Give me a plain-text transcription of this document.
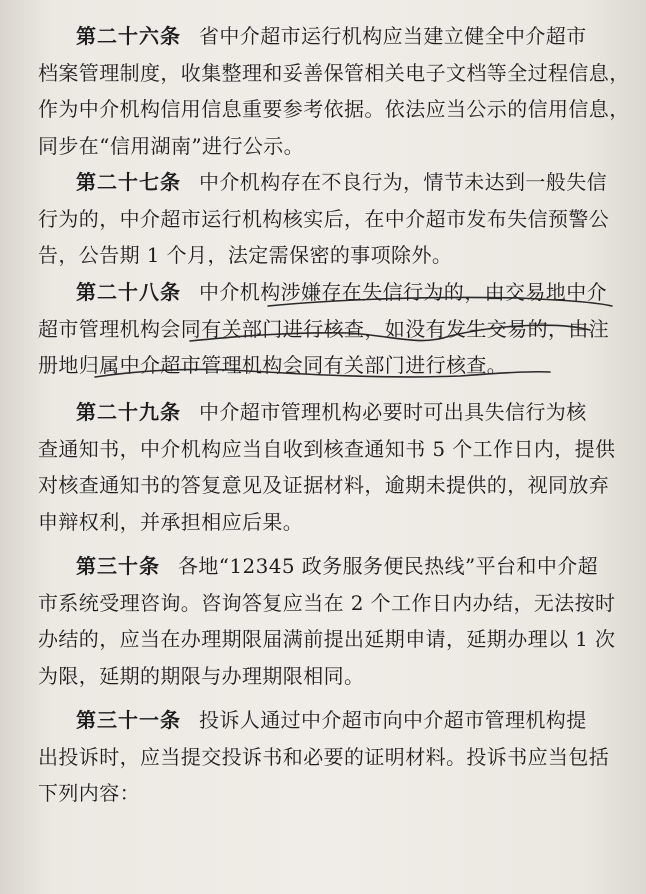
第二十六条 省中介超市运行机构应当建立健全中介超市
档案管理制度，收集整理和妥善保管相关电子文档等全过程信息，
作为中介机构信用信息重要参考依据。依法应当公示的信用信息，
同步在“信用湖南”进行公示。
第二十七条 中介机构存在不良行为，情节未达到一般失信
行为的，中介超市运行机构核实后，在中介超市发布失信预警公
告，公告期 1 个月，法定需保密的事项除外。
第二十八条 中介机构涉嫌存在失信行为的，由交易地中介
超市管理机构会同有关部门进行核查，如没有发生交易的，由注
册地归属中介超市管理机构会同有关部门进行核查。
第二十九条 中介超市管理机构必要时可出具失信行为核
查通知书，中介机构应当自收到核查通知书 5 个工作日内，提供
对核查通知书的答复意见及证据材料，逾期未提供的，视同放弃
申辩权利，并承担相应后果。
第三十条 各地“12345 政务服务便民热线”平台和中介超
市系统受理咨询。咨询答复应当在 2 个工作日内办结，无法按时
办结的，应当在办理期限届满前提出延期申请，延期办理以 1 次
为限，延期的期限与办理期限相同。
第三十一条 投诉人通过中介超市向中介超市管理机构提
出投诉时，应当提交投诉书和必要的证明材料。投诉书应当包括
下列内容：
